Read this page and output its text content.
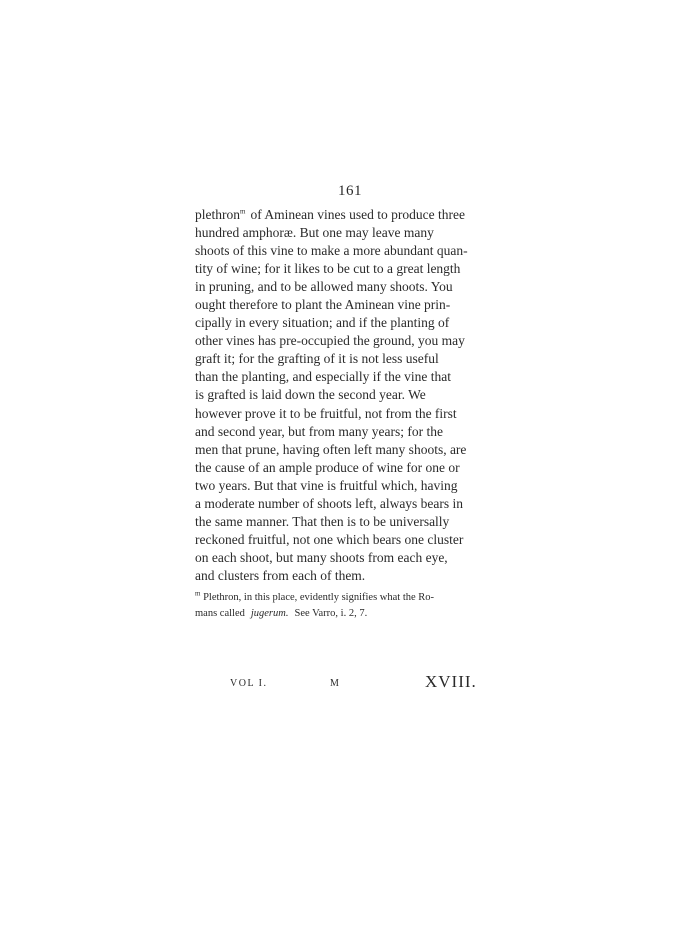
161
plethron$^m$ of Aminean vines used to produce three
hundred amphoræ. But one may leave many
shoots of this vine to make a more abundant quan-
tity of wine; for it likes to be cut to a great length
in pruning, and to be allowed many shoots. You
ought therefore to plant the Aminean vine prin-
cipally in every situation; and if the planting of
other vines has pre-occupied the ground, you may
graft it; for the grafting of it is not less useful
than the planting, and especially if the vine that
is grafted is laid down the second year. We
however prove it to be fruitful, not from the first
and second year, but from many years; for the
men that prune, having often left many shoots, are
the cause of an ample produce of wine for one or
two years. But that vine is fruitful which, having
a moderate number of shoots left, always bears in
the same manner. That then is to be universally
reckoned fruitful, not one which bears one cluster
on each shoot, but many shoots from each eye,
and clusters from each of them.
$^m$ Plethron, in this place, evidently signifies what the Ro-
mans called jugerum. See Varro, i. 2, 7.
VOL I.	M	XVIII.
